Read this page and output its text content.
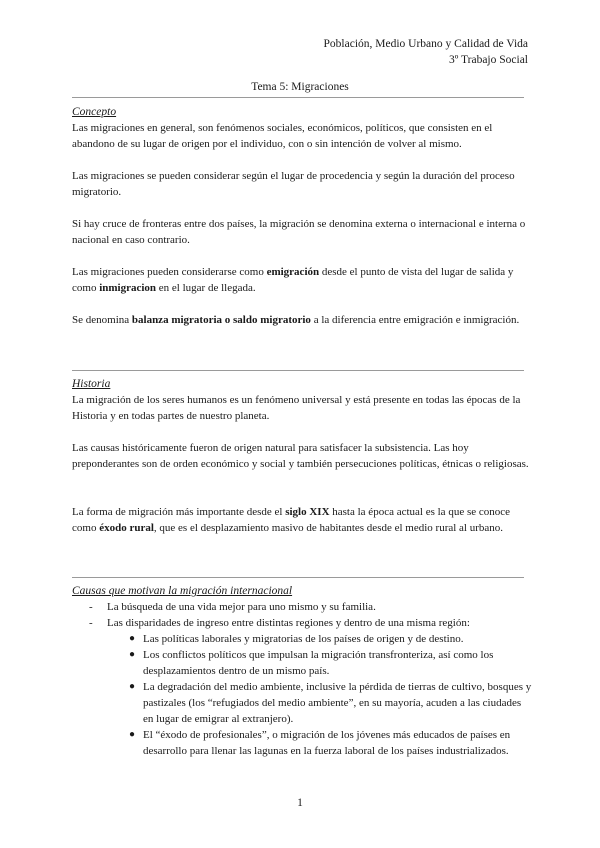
Población, Medio Urbano y Calidad de Vida
3º Trabajo Social
Tema 5: Migraciones
Concepto

Las migraciones en general, son fenómenos sociales, económicos, políticos, que consisten en el abandono de su lugar de origen por el individuo, con o sin intención de volver al mismo.

Las migraciones se pueden considerar según el lugar de procedencia y según la duración del proceso migratorio.

Si hay cruce de fronteras entre dos países, la migración se denomina externa o internacional e interna o nacional en caso contrario.

Las migraciones pueden considerarse como emigración desde el punto de vista del lugar de salida y como inmigracion en el lugar de llegada.

Se denomina balanza migratoria o saldo migratorio a la diferencia entre emigración e inmigración.

Historia

La migración de los seres humanos es un fenómeno universal y está presente en todas las épocas de la Historia y en todas partes de nuestro planeta.

Las causas históricamente fueron de origen natural para satisfacer la subsistencia. Las hoy preponderantes son de orden económico y social y también persecuciones políticas, étnicas o religiosas.

La forma de migración más importante desde el siglo XIX hasta la época actual es la que se conoce como éxodo rural, que es el desplazamiento masivo de habitantes desde el medio rural al urbano.

Causas que motivan la migración internacional
- La búsqueda de una vida mejor para uno mismo y su familia.
- Las disparidades de ingreso entre distintas regiones y dentro de una misma región:
● Las políticas laborales y migratorias de los países de origen y de destino.
● Los conflictos políticos que impulsan la migración transfronteriza, así como los desplazamientos dentro de un mismo país.
● La degradación del medio ambiente, inclusive la pérdida de tierras de cultivo, bosques y pastizales (los “refugiados del medio ambiente”, en su mayoría, acuden a las ciudades en lugar de emigrar al extranjero).
● El “éxodo de profesionales”, o migración de los jóvenes más educados de países en desarrollo para llenar las lagunas en la fuerza laboral de los países industrializados.
1
